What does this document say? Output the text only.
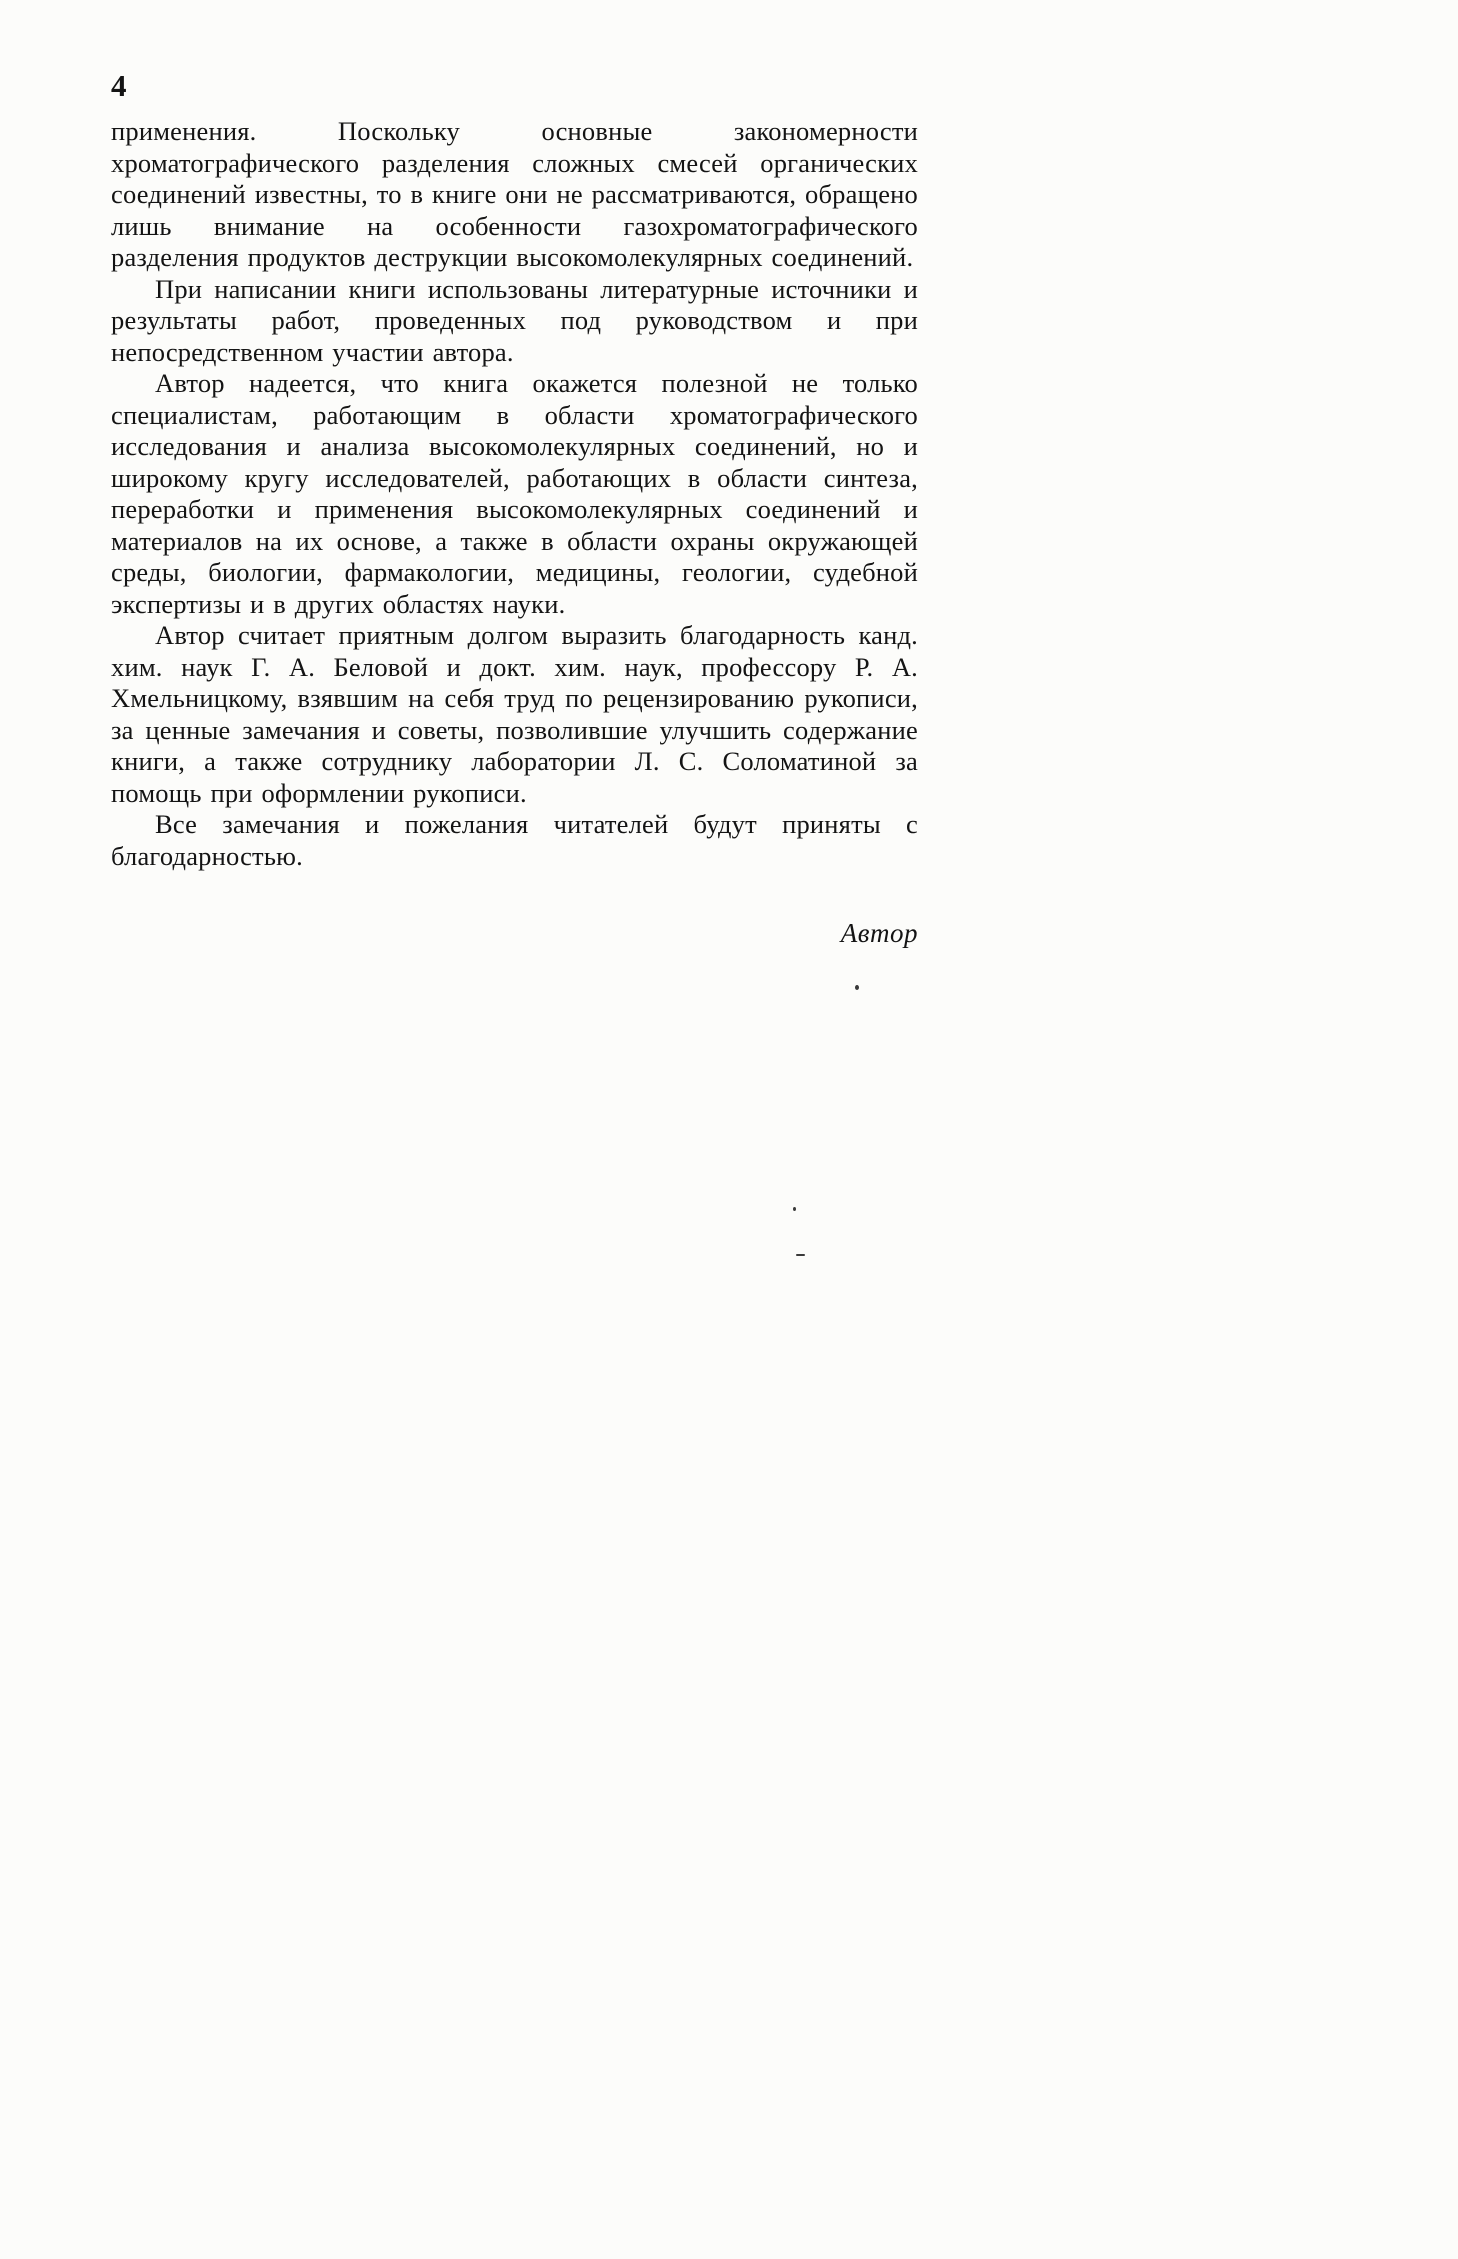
4

применения. Поскольку основные закономерности хроматографического разделения сложных смесей органических соединений известны, то в книге они не рассматриваются, обращено лишь внимание на особенности газохроматографического разделения продуктов деструкции высокомолекулярных соединений.

При написании книги использованы литературные источники и результаты работ, проведенных под руководством и при непосредственном участии автора.

Автор надеется, что книга окажется полезной не только специалистам, работающим в области хроматографического исследования и анализа высокомолекулярных соединений, но и широкому кругу исследователей, работающих в области синтеза, переработки и применения высокомолекулярных соединений и материалов на их основе, а также в области охраны окружающей среды, биологии, фармакологии, медицины, геологии, судебной экспертизы и в других областях науки.

Автор считает приятным долгом выразить благодарность канд. хим. наук Г. А. Беловой и докт. хим. наук, профессору Р. А. Хмельницкому, взявшим на себя труд по рецензированию рукописи, за ценные замечания и советы, позволившие улучшить содержание книги, а также сотруднику лаборатории Л. С. Соломатиной за помощь при оформлении рукописи.

Все замечания и пожелания читателей будут приняты с благодарностью.

Автор
